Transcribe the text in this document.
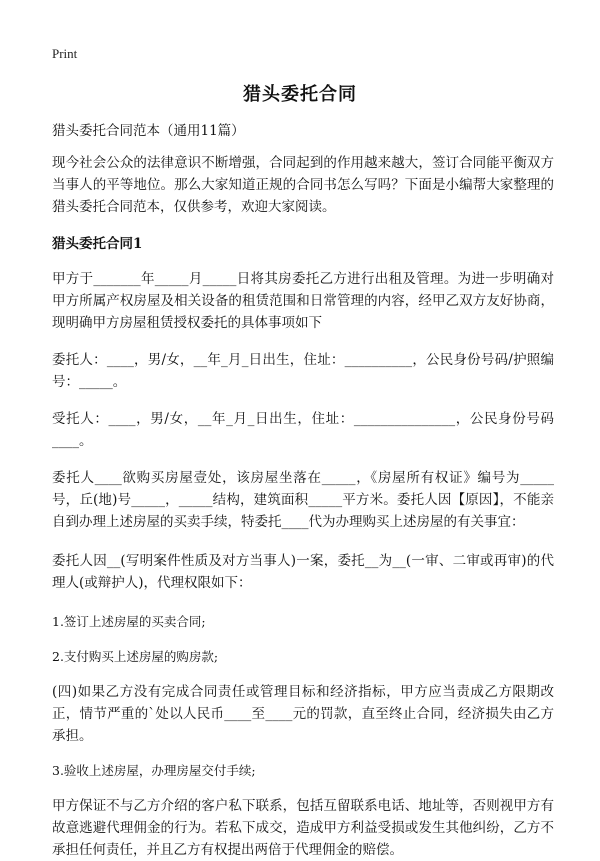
Print
猎头委托合同

猎头委托合同范本（通用11篇）

现今社会公众的法律意识不断增强，合同起到的作用越来越大，签订合同能平衡双方当事人的平等地位。那么大家知道正规的合同书怎么写吗？下面是小编帮大家整理的猎头委托合同范本，仅供参考，欢迎大家阅读。

猎头委托合同1

甲方于_______年_____月_____日将其房委托乙方进行出租及管理。为进一步明确对甲方所属产权房屋及相关设备的租赁范围和日常管理的内容，经甲乙双方友好协商，现明确甲方房屋租赁授权委托的具体事项如下

委托人：____，男/女，__年_月_日出生，住址：__________，公民身份号码/护照编号：_____。

受托人：____，男/女，__年_月_日出生，住址：_______________，公民身份号码____。

委托人____欲购买房屋壹处，该房屋坐落在_____，《房屋所有权证》编号为_____号，丘(地)号_____，_____结构，建筑面积_____平方米。委托人因【原因】，不能亲自到办理上述房屋的买卖手续，特委托____代为办理购买上述房屋的有关事宜：

委托人因__(写明案件性质及对方当事人)一案，委托__为__(一审、二审或再审)的代理人(或辩护人)，代理权限如下：

1.签订上述房屋的买卖合同;

2.支付购买上述房屋的购房款;

(四)如果乙方没有完成合同责任或管理目标和经济指标，甲方应当责成乙方限期改正，情节严重的`处以人民币____至____元的罚款，直至终止合同，经济损失由乙方承担。

3.验收上述房屋，办理房屋交付手续;

甲方保证不与乙方介绍的客户私下联系，包括互留联系电话、地址等，否则视甲方有故意逃避代理佣金的行为。若私下成交，造成甲方利益受损或发生其他纠纷，乙方不承担任何责任，并且乙方有权提出两倍于代理佣金的赔偿。
